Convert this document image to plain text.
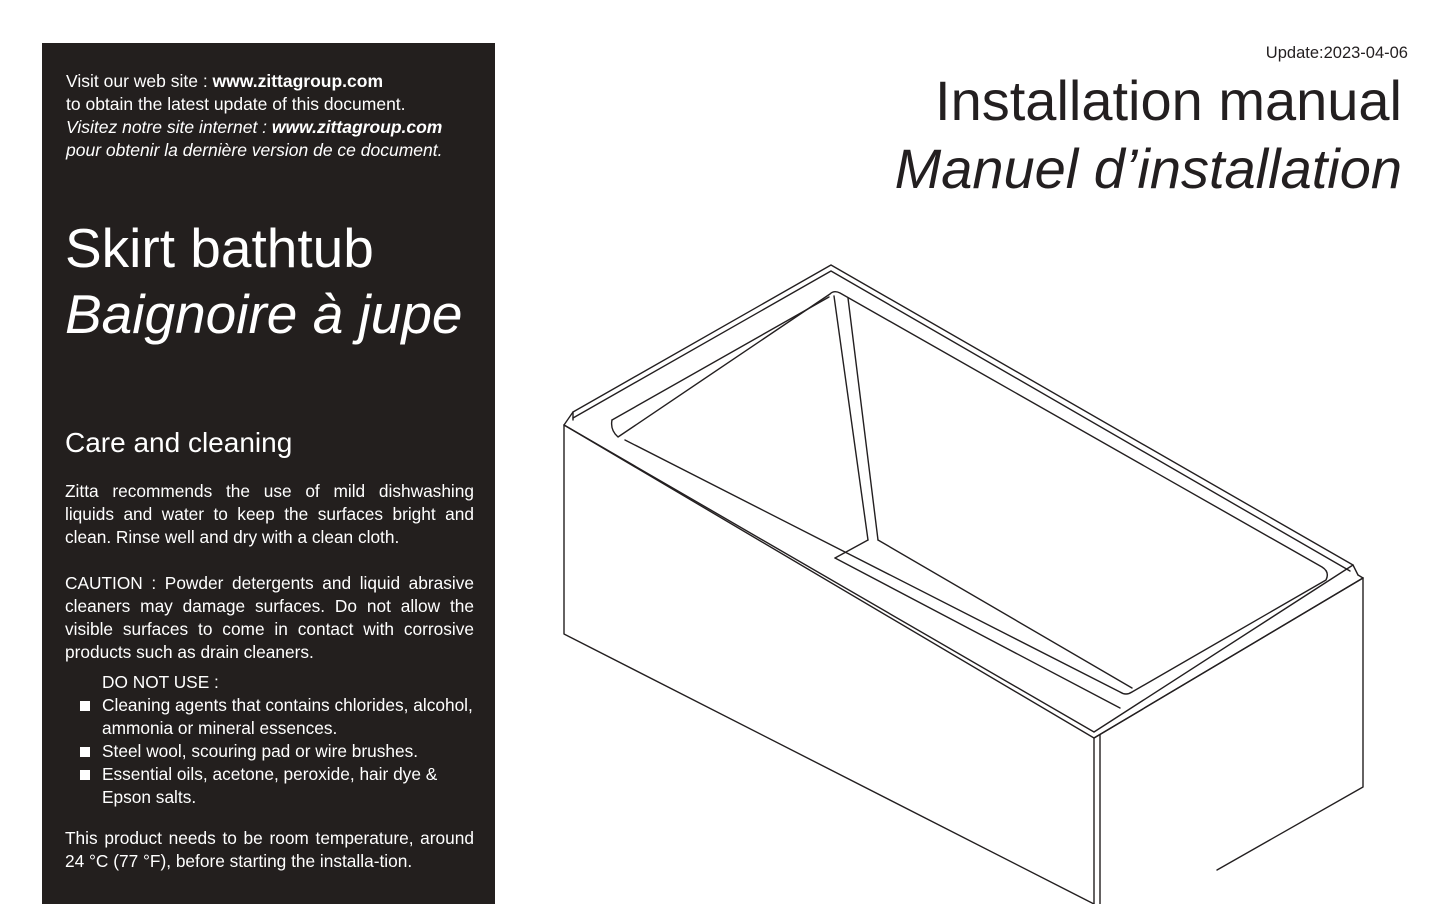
Visit our web site : www.zittagroup.com
to obtain the latest update of this document.
Visitez notre site internet : www.zittagroup.com
pour obtenir la dernière version de ce document.
Skirt bathtub
Baignoire à jupe
Care and cleaning
Zitta recommends the use of mild dishwashing liquids and water to keep the surfaces bright and clean. Rinse well and dry with a clean cloth.
CAUTION : Powder detergents and liquid abrasive cleaners may damage surfaces. Do not allow the visible surfaces to come in contact with corrosive products such as drain cleaners.
DO NOT USE :
Cleaning agents that contains chlorides, alcohol, ammonia or mineral essences.
Steel wool, scouring pad or wire brushes.
Essential oils, acetone, peroxide, hair dye & Epson salts.
This product needs to be room temperature, around 24 °C (77 °F), before starting the installa-tion.
Update:2023-04-06
Installation manual
Manuel d’installation
